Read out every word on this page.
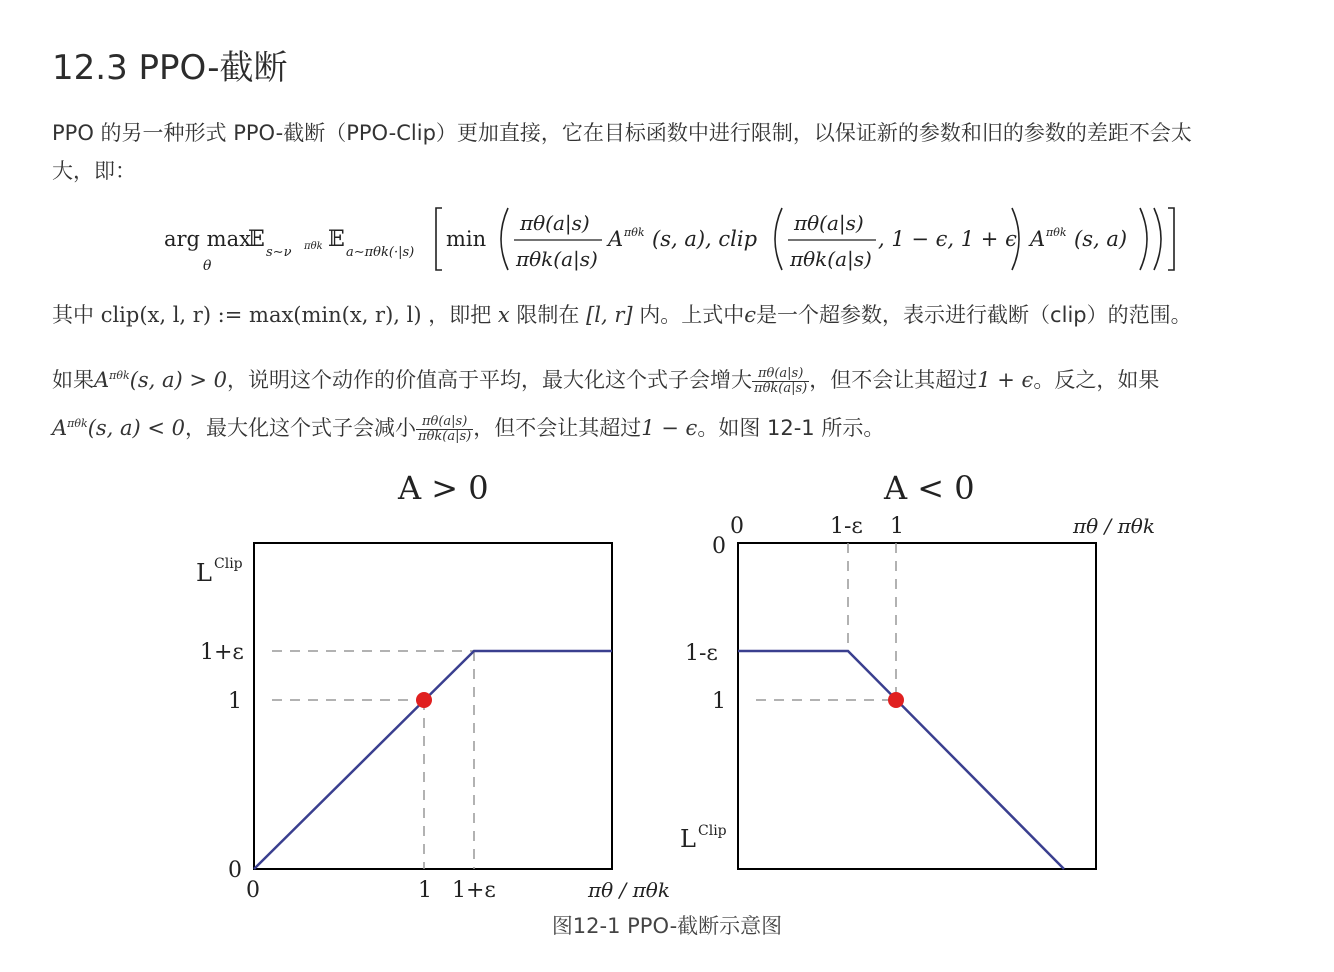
12.3 PPO-截断
PPO 的另一种形式 PPO-截断（PPO-Clip）更加直接，它在目标函数中进行限制，以保证新的参数和旧的参数的差距不会太
大，即：
arg max
θ
𝔼
s∼ν πθk 𝔼
a∼πθk(·|s)
min
πθ(a|s)
πθk(a|s)
A πθk (s, a), clip
πθ(a|s)
πθk(a|s)
, 1 − ϵ, 1 + ϵ A πθk (s, a)
其中 clip(x, l, r) := max(min(x, r), l) ，即把 x 限制在 [l, r] 内。上式中ϵ是一个超参数，表示进行截断（clip）的范围。
如果$A^{\pi\theta k}(s$, a) > 0，说明这个动作的价值高于平均，最大化这个式子会增大 $\frac{\pi\theta(a|s)}{\text{πθk(a|s)}}$ ，但不会让其超过1 + ϵ。反之，如果
$A^{\pi\theta k}(s$, a) < 0，最大化这个式子会减小 $\frac{\pi\theta(a|s)}{\text{πθk(a|s)}}$ ，但不会让其超过1 − ϵ。如图 12-1 所示。
A > 0
L Clip
1+ε
1
0
0	1 1+ε	πθ / πθk
A < 0
0
1-ε
1
0	1-ε 1	πθ / πθk
L Clip
图12-1 PPO-截断示意图
